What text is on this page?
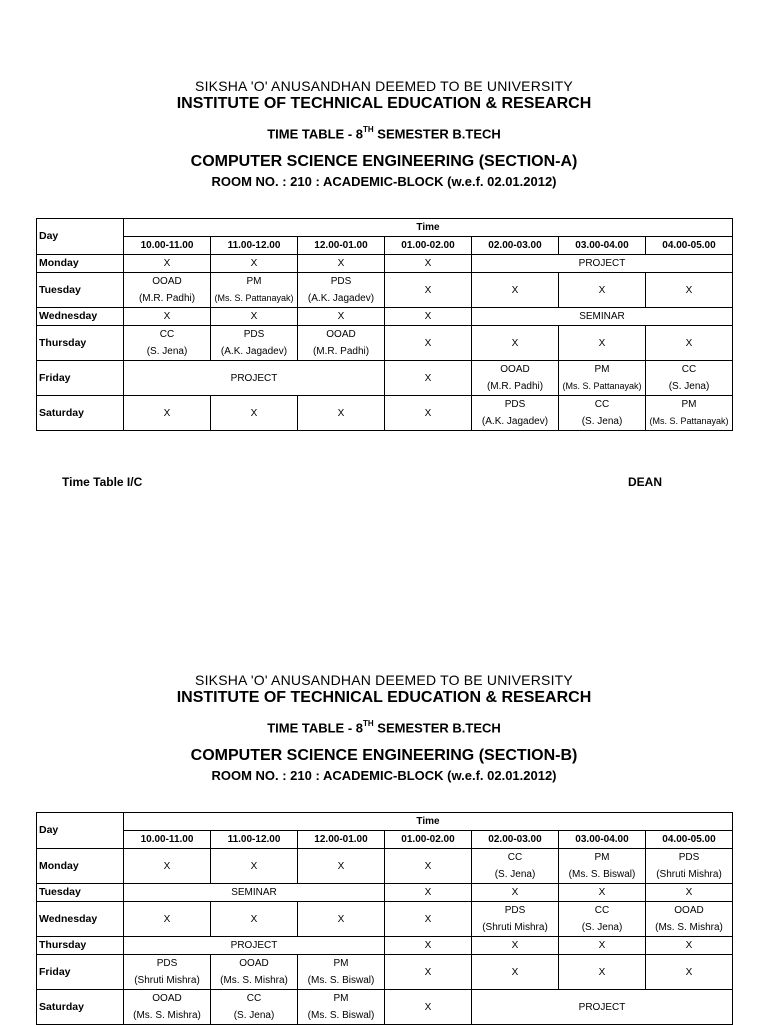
SIKSHA 'O' ANUSANDHAN DEEMED TO BE UNIVERSITY
INSTITUTE OF TECHNICAL EDUCATION & RESEARCH
TIME TABLE - 8TH SEMESTER B.TECH
COMPUTER SCIENCE ENGINEERING (SECTION-A)
ROOM NO. : 210 : ACADEMIC-BLOCK (w.e.f. 02.01.2012)
Day	Time						
	10.00-11.00	11.00-12.00	12.00-01.00	01.00-02.00	02.00-03.00	03.00-04.00	04.00-05.00
Monday	X	X	X	X	PROJECT		

Tuesday	OOAD
(M.R. Padhi)	PM
(Ms. S. Pattanayak)	PDS
(A.K. Jagadev)	X	X	X	X

Wednesday	X	X	X	X	SEMINAR		

Thursday	CC
(S. Jena)	PDS
(A.K. Jagadev)	OOAD
(M.R. Padhi)	X	X	X	X

Friday	PROJECT			X	OOAD
(M.R. Padhi)	PM
(Ms. S. Pattanayak)	CC
(S. Jena)

Saturday	X	X	X	X	PDS
(A.K. Jagadev)	CC
(S. Jena)	PM
(Ms. S. Pattanayak)
Time Table I/C	DEAN
SIKSHA 'O' ANUSANDHAN DEEMED TO BE UNIVERSITY
INSTITUTE OF TECHNICAL EDUCATION & RESEARCH
TIME TABLE - 8TH SEMESTER B.TECH
COMPUTER SCIENCE ENGINEERING (SECTION-B)
ROOM NO. : 210 : ACADEMIC-BLOCK (w.e.f. 02.01.2012)
Day	Time						
	10.00-11.00	11.00-12.00	12.00-01.00	01.00-02.00	02.00-03.00	03.00-04.00	04.00-05.00
Monday	X	X	X	X	CC
(S. Jena)	PM
(Ms. S. Biswal)	PDS
(Shruti Mishra)

Tuesday	SEMINAR			X	X	X	X

Wednesday	X	X	X	X	PDS
(Shruti Mishra)	CC
(S. Jena)	OOAD
(Ms. S. Mishra)

Thursday	PROJECT			X	X	X	X

Friday	PDS
(Shruti Mishra)	OOAD
(Ms. S. Mishra)	PM
(Ms. S. Biswal)	X	X	X	X

Saturday	OOAD
(Ms. S. Mishra)	CC
(S. Jena)	PM
(Ms. S. Biswal)	X	PROJECT		
